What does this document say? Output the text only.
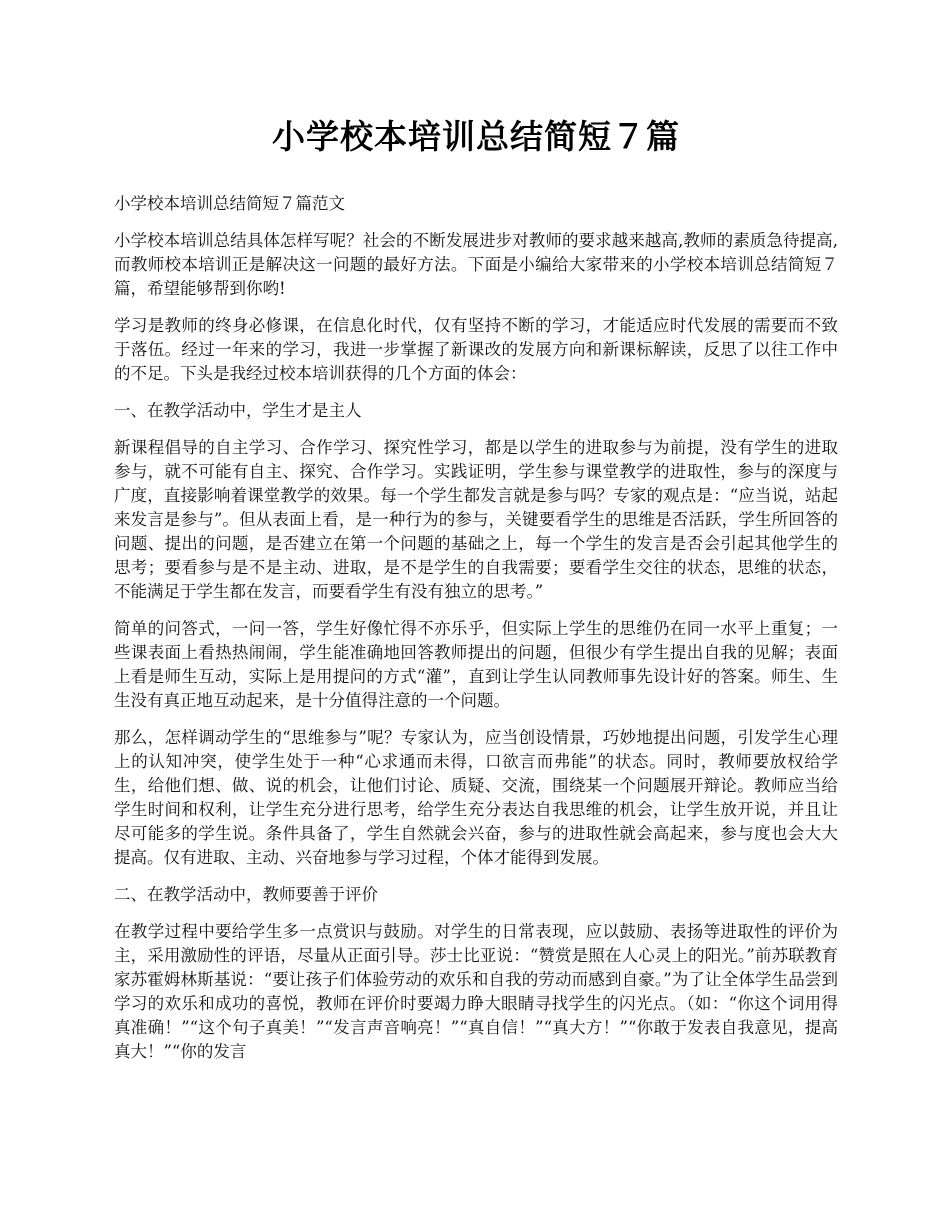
小学校本培训总结简短７篇

小学校本培训总结简短７篇范文

小学校本培训总结具体怎样写呢？社会的不断发展进步对教师的要求越来越高,教师的素质急待提高,而教师校本培训正是解决这一问题的最好方法。下面是小编给大家带来的小学校本培训总结简短７篇，希望能够帮到你哟!

学习是教师的终身必修课，在信息化时代，仅有坚持不断的学习，才能适应时代发展的需要而不致于落伍。经过一年来的学习，我进一步掌握了新课改的发展方向和新课标解读，反思了以往工作中的不足。下头是我经过校本培训获得的几个方面的体会：

一、在教学活动中，学生才是主人

新课程倡导的自主学习、合作学习、探究性学习，都是以学生的进取参与为前提，没有学生的进取参与，就不可能有自主、探究、合作学习。实践证明，学生参与课堂教学的进取性，参与的深度与广度，直接影响着课堂教学的效果。每一个学生都发言就是参与吗？专家的观点是：“应当说，站起来发言是参与”。但从表面上看，是一种行为的参与，关键要看学生的思维是否活跃，学生所回答的问题、提出的问题，是否建立在第一个问题的基础之上，每一个学生的发言是否会引起其他学生的思考；要看参与是不是主动、进取，是不是学生的自我需要；要看学生交往的状态，思维的状态，不能满足于学生都在发言，而要看学生有没有独立的思考。”

简单的问答式，一问一答，学生好像忙得不亦乐乎，但实际上学生的思维仍在同一水平上重复；一些课表面上看热热闹闹，学生能准确地回答教师提出的问题，但很少有学生提出自我的见解；表面上看是师生互动，实际上是用提问的方式“灌”，直到让学生认同教师事先设计好的答案。师生、生生没有真正地互动起来，是十分值得注意的一个问题。

那么，怎样调动学生的“思维参与”呢？专家认为，应当创设情景，巧妙地提出问题，引发学生心理上的认知冲突，使学生处于一种“心求通而未得，口欲言而弗能”的状态。同时，教师要放权给学生，给他们想、做、说的机会，让他们讨论、质疑、交流，围绕某一个问题展开辩论。教师应当给学生时间和权利，让学生充分进行思考，给学生充分表达自我思维的机会，让学生放开说，并且让尽可能多的学生说。条件具备了，学生自然就会兴奋，参与的进取性就会高起来，参与度也会大大提高。仅有进取、主动、兴奋地参与学习过程，个体才能得到发展。

二、在教学活动中，教师要善于评价

在教学过程中要给学生多一点赏识与鼓励。对学生的日常表现，应以鼓励、表扬等进取性的评价为主，采用激励性的评语，尽量从正面引导。莎士比亚说：“赞赏是照在人心灵上的阳光。”前苏联教育家苏霍姆林斯基说：“要让孩子们体验劳动的欢乐和自我的劳动而感到自豪。”为了让全体学生品尝到学习的欢乐和成功的喜悦，教师在评价时要竭力睁大眼睛寻找学生的闪光点。（如：“你这个词用得真准确！”“这个句子真美！”“发言声音响亮！”“真自信！”“真大方！”“你敢于发表自我意见，提高真大！”“你的发言
